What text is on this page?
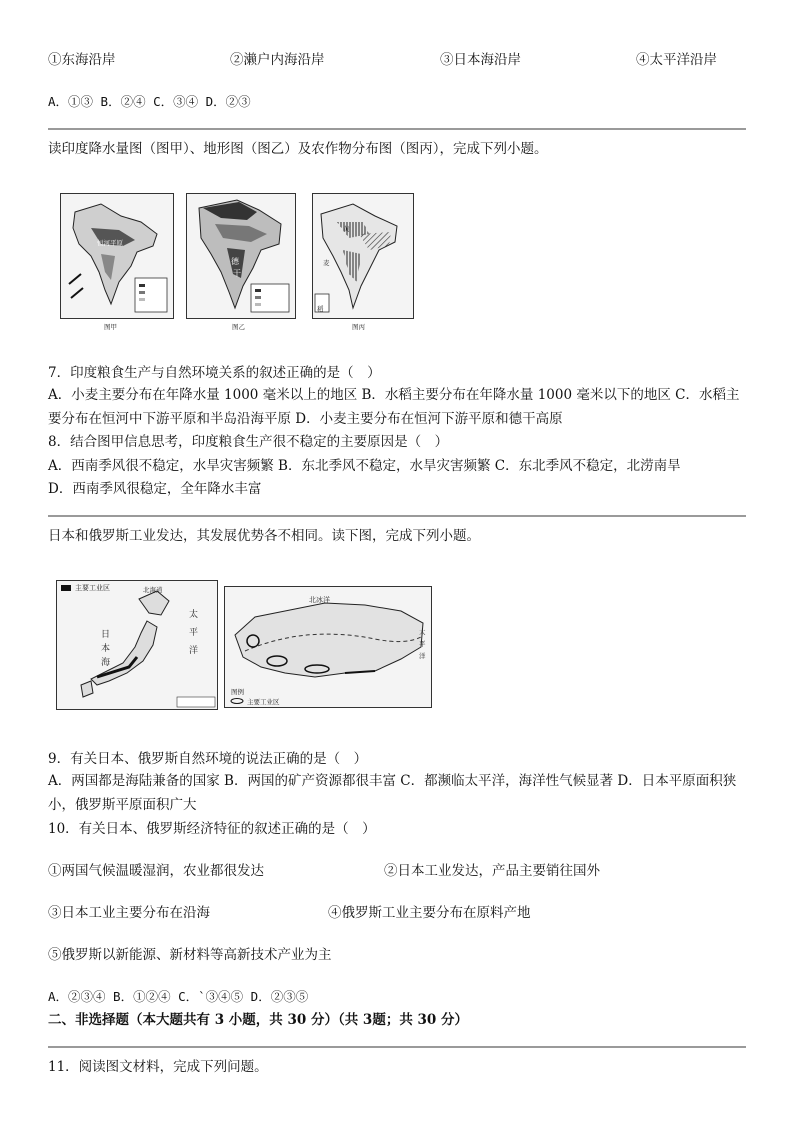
①东海沿岸	②濑户内海沿岸	③日本海沿岸	④太平洋沿岸
A．①③ B．②④ C．③④ D．②③
读印度降水量图（图甲）、地形图（图乙）及农作物分布图（图丙），完成下列小题。
恒河平原
图甲
德
干
图乙
黄
麦
稻
图丙
7．印度粮食生产与自然环境关系的叙述正确的是（　）
A．小麦主要分布在年降水量 1000 毫米以上的地区 B．水稻主要分布在年降水量 1000 毫米以下的地区 C．水稻主要分布在恒河中下游平原和半岛沿海平原 D．小麦主要分布在恒河下游平原和德干高原
8．结合图甲信息思考，印度粮食生产很不稳定的主要原因是（　）
A．西南季风很不稳定，水旱灾害频繁 B．东北季风不稳定，水旱灾害频繁 C．东北季风不稳定，北涝南旱
D．西南季风很稳定，全年降水丰富
日本和俄罗斯工业发达，其发展优势各不相同。读下图，完成下列小题。
主要工业区	北海道
日
本
海
太
平
洋
北冰洋
太
平
洋
图例
主要工业区
9．有关日本、俄罗斯自然环境的说法正确的是（　）
A．两国都是海陆兼备的国家 B．两国的矿产资源都很丰富 C．都濒临太平洋，海洋性气候显著 D．日本平原面积狭小，俄罗斯平原面积广大
10．有关日本、俄罗斯经济特征的叙述正确的是（　）
①两国气候温暖湿润，农业都很发达	②日本工业发达，产品主要销往国外
③日本工业主要分布在沿海	④俄罗斯工业主要分布在原料产地
⑤俄罗斯以新能源、新材料等高新技术产业为主
A．②③④ B．①②④ C．`③④⑤ D．②③⑤
二、非选择题（本大题共有 3 小题，共 30 分）（共 3题；共 30 分）
11．阅读图文材料，完成下列问题。
